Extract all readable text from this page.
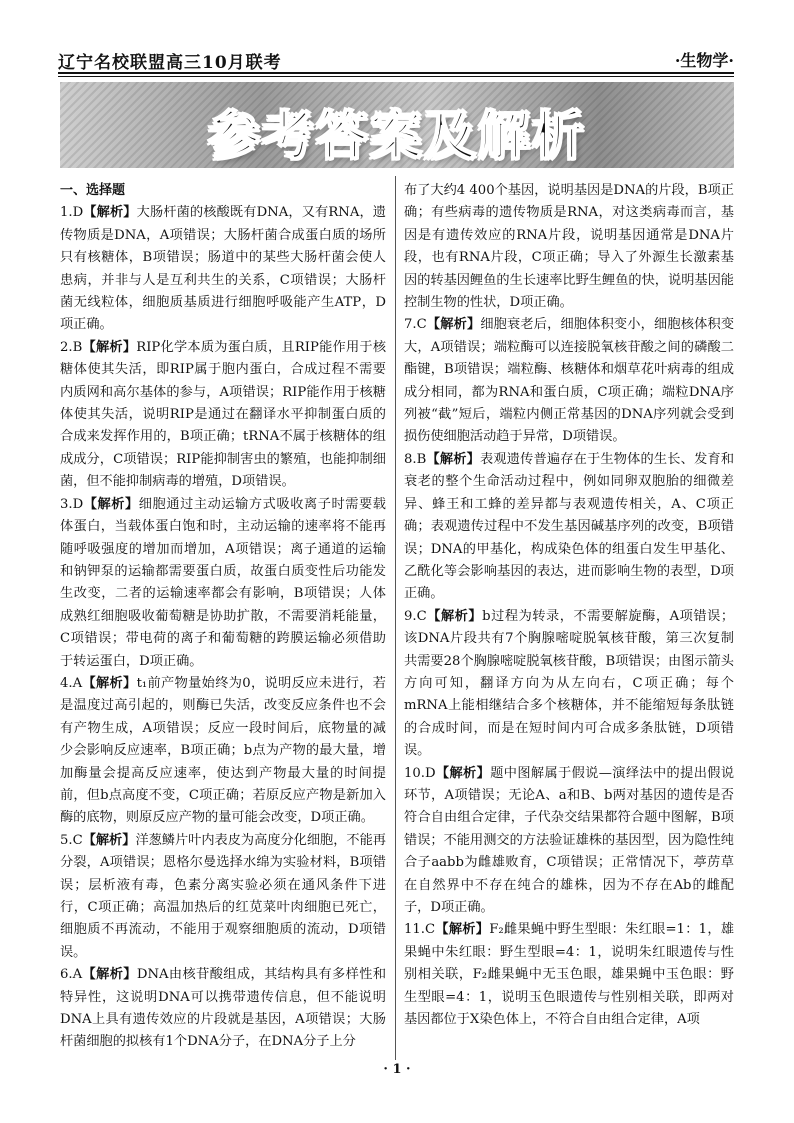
辽宁名校联盟高三10月联考	·生物学·
参考答案及解析
一、选择题
1.D【解析】大肠杆菌的核酸既有DNA，又有RNA，遗传物质是DNA，A项错误；大肠杆菌合成蛋白质的场所只有核糖体，B项错误；肠道中的某些大肠杆菌会使人患病，并非与人是互利共生的关系，C项错误；大肠杆菌无线粒体，细胞质基质进行细胞呼吸能产生ATP，D项正确。
2.B【解析】RIP化学本质为蛋白质，且RIP能作用于核糖体使其失活，即RIP属于胞内蛋白，合成过程不需要内质网和高尔基体的参与，A项错误；RIP能作用于核糖体使其失活，说明RIP是通过在翻译水平抑制蛋白质的合成来发挥作用的，B项正确；tRNA不属于核糖体的组成成分，C项错误；RIP能抑制害虫的繁殖，也能抑制细菌，但不能抑制病毒的增殖，D项错误。
3.D【解析】细胞通过主动运输方式吸收离子时需要载体蛋白，当载体蛋白饱和时，主动运输的速率将不能再随呼吸强度的增加而增加，A项错误；离子通道的运输和钠钾泵的运输都需要蛋白质，故蛋白质变性后功能发生改变，二者的运输速率都会有影响，B项错误；人体成熟红细胞吸收葡萄糖是协助扩散，不需要消耗能量，C项错误；带电荷的离子和葡萄糖的跨膜运输必须借助于转运蛋白，D项正确。
4.A【解析】t₁前产物量始终为0，说明反应未进行，若是温度过高引起的，则酶已失活，改变反应条件也不会有产物生成，A项错误；反应一段时间后，底物量的减少会影响反应速率，B项正确；b点为产物的最大量，增加酶量会提高反应速率，使达到产物最大量的时间提前，但b点高度不变，C项正确；若原反应产物是新加入酶的底物，则原反应产物的量可能会改变，D项正确。
5.C【解析】洋葱鳞片叶内表皮为高度分化细胞，不能再分裂，A项错误；恩格尔曼选择水绵为实验材料，B项错误；层析液有毒，色素分离实验必须在通风条件下进行，C项正确；高温加热后的红苋菜叶肉细胞已死亡，细胞质不再流动，不能用于观察细胞质的流动，D项错误。
6.A【解析】DNA由核苷酸组成，其结构具有多样性和特异性，这说明DNA可以携带遗传信息，但不能说明DNA上具有遗传效应的片段就是基因，A项错误；大肠杆菌细胞的拟核有1个DNA分子，在DNA分子上分
布了大约4 400个基因，说明基因是DNA的片段，B项正确；有些病毒的遗传物质是RNA，对这类病毒而言，基因是有遗传效应的RNA片段，说明基因通常是DNA片段，也有RNA片段，C项正确；导入了外源生长激素基因的转基因鲤鱼的生长速率比野生鲤鱼的快，说明基因能控制生物的性状，D项正确。
7.C【解析】细胞衰老后，细胞体积变小，细胞核体积变大，A项错误；端粒酶可以连接脱氧核苷酸之间的磷酸二酯键，B项错误；端粒酶、核糖体和烟草花叶病毒的组成成分相同，都为RNA和蛋白质，C项正确；端粒DNA序列被“截”短后，端粒内侧正常基因的DNA序列就会受到损伤使细胞活动趋于异常，D项错误。
8.B【解析】表观遗传普遍存在于生物体的生长、发育和衰老的整个生命活动过程中，例如同卵双胞胎的细微差异、蜂王和工蜂的差异都与表观遗传相关，A、C项正确；表观遗传过程中不发生基因碱基序列的改变，B项错误；DNA的甲基化，构成染色体的组蛋白发生甲基化、乙酰化等会影响基因的表达，进而影响生物的表型，D项正确。
9.C【解析】b过程为转录，不需要解旋酶，A项错误；该DNA片段共有7个胸腺嘧啶脱氧核苷酸，第三次复制共需要28个胸腺嘧啶脱氧核苷酸，B项错误；由图示箭头方向可知，翻译方向为从左向右，C项正确；每个mRNA上能相继结合多个核糖体，并不能缩短每条肽链的合成时间，而是在短时间内可合成多条肽链，D项错误。
10.D【解析】题中图解属于假说—演绎法中的提出假说环节，A项错误；无论A、a和B、b两对基因的遗传是否符合自由组合定律，子代杂交结果都符合题中图解，B项错误；不能用测交的方法验证雄株的基因型，因为隐性纯合子aabb为雌雄败育，C项错误；正常情况下，葶苈草在自然界中不存在纯合的雄株，因为不存在Ab的雌配子，D项正确。
11.C【解析】F₂雌果蝇中野生型眼：朱红眼=1：1，雄果蝇中朱红眼：野生型眼=4：1，说明朱红眼遗传与性别相关联，F₂雌果蝇中无玉色眼，雄果蝇中玉色眼：野生型眼=4：1，说明玉色眼遗传与性别相关联，即两对基因都位于X染色体上，不符合自由组合定律，A项
· 1 ·
